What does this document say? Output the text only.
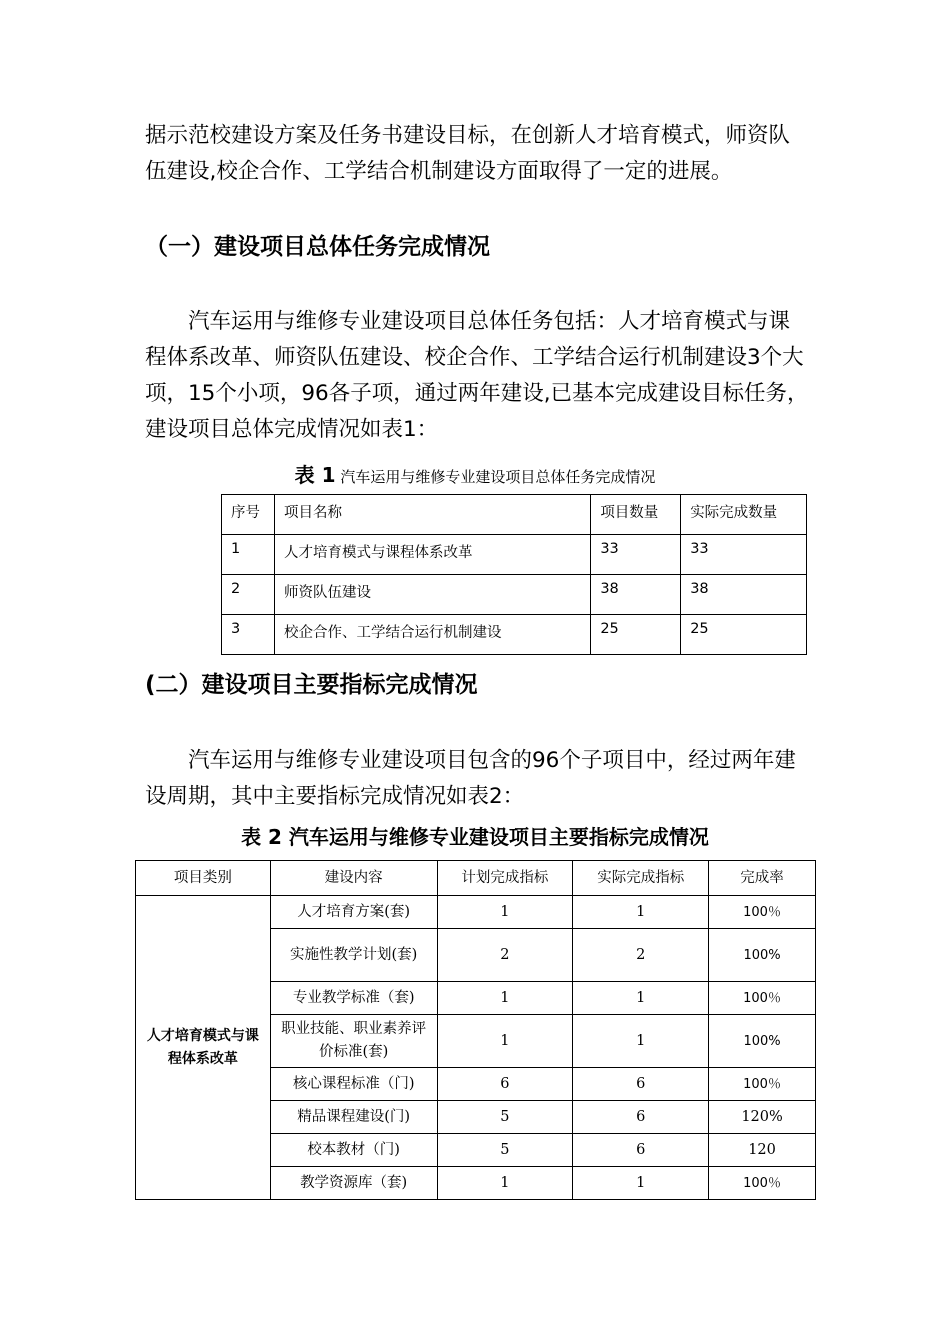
据示范校建设方案及任务书建设目标，在创新人才培育模式，师资队伍建设,校企合作、工学结合机制建设方面取得了一定的进展。

（一）建设项目总体任务完成情况

汽车运用与维修专业建设项目总体任务包括：人才培育模式与课程体系改革、师资队伍建设、校企合作、工学结合运行机制建设3个大项，15个小项，96各子项，通过两年建设,已基本完成建设目标任务，建设项目总体完成情况如表1：

表 1 汽车运用与维修专业建设项目总体任务完成情况
序号	项目名称	项目数量	实际完成数量
1	人才培育模式与课程体系改革	33	33
2	师资队伍建设	38	38
3	校企合作、工学结合运行机制建设	25	25
(二）建设项目主要指标完成情况

汽车运用与维修专业建设项目包含的96个子项目中，经过两年建设周期，其中主要指标完成情况如表2：

表 2 汽车运用与维修专业建设项目主要指标完成情况
项目类别	建设内容	计划完成指标	实际完成指标	完成率
人才培育模式与课程体系改革	人才培育方案(套)	1	1	100％
	实施性教学计划(套)	2	2	100%
	专业教学标准（套)	1	1	100％
	职业技能、职业素养评价标准(套)	1	1	100%
	核心课程标准（门)	6	6	100％
	精品课程建设(门)	5	6	120%
	校本教材（门)	5	6	120
	教学资源库（套)	1	1	100％
